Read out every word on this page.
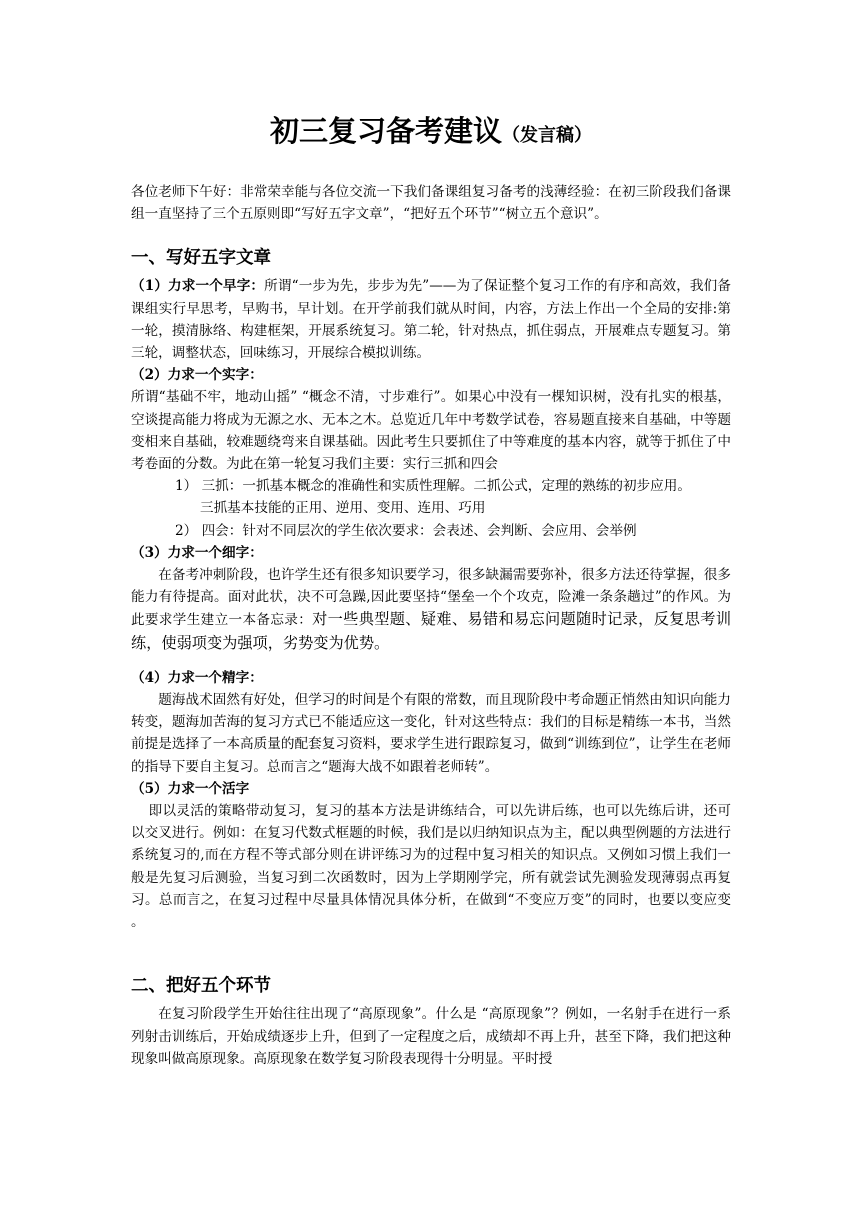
初三复习备考建议（发言稿）

各位老师下午好：非常荣幸能与各位交流一下我们备课组复习备考的浅薄经验：在初三阶段我们备课组一直坚持了三个五原则即“写好五字文章”，“把好五个环节”“树立五个意识”。

一、写好五字文章

（1）力求一个早字：所谓“一步为先，步步为先”——为了保证整个复习工作的有序和高效，我们备课组实行早思考，早购书，早计划。在开学前我们就从时间，内容，方法上作出一个全局的安排:第一轮，摸清脉络、构建框架，开展系统复习。第二轮，针对热点，抓住弱点，开展难点专题复习。第三轮，调整状态，回味练习，开展综合模拟训练。

（2）力求一个实字：

所谓“基础不牢，地动山摇” “概念不清，寸步难行”。如果心中没有一棵知识树，没有扎实的根基，空谈提高能力将成为无源之水、无本之木。总览近几年中考数学试卷，容易题直接来自基础，中等题变相来自基础，较难题绕弯来自课基础。因此考生只要抓住了中等难度的基本内容，就等于抓住了中考卷面的分数。为此在第一轮复习我们主要：实行三抓和四会

1） 三抓：一抓基本概念的准确性和实质性理解。二抓公式，定理的熟练的初步应用。

三抓基本技能的正用、逆用、变用、连用、巧用

2） 四会：针对不同层次的学生依次要求：会表述、会判断、会应用、会举例

（3）力求一个细字：

在备考冲刺阶段，也许学生还有很多知识要学习，很多缺漏需要弥补，很多方法还待掌握，很多能力有待提高。面对此状，决不可急躁,因此要坚持“堡垒一个个攻克，险滩一条条趟过”的作风。为此要求学生建立一本备忘录：对一些典型题、疑难、易错和易忘问题随时记录，反复思考训练，使弱项变为强项，劣势变为优势。

（4）力求一个精字：

题海战术固然有好处，但学习的时间是个有限的常数，而且现阶段中考命题正悄然由知识向能力转变，题海加苦海的复习方式已不能适应这一变化，针对这些特点：我们的目标是精练一本书，当然前提是选择了一本高质量的配套复习资料，要求学生进行跟踪复习，做到“训练到位”，让学生在老师的指导下要自主复习。总而言之“题海大战不如跟着老师转”。

（5）力求一个活字

即以灵活的策略带动复习，复习的基本方法是讲练结合，可以先讲后练，也可以先练后讲，还可以交叉进行。例如：在复习代数式框题的时候，我们是以归纳知识点为主，配以典型例题的方法进行系统复习的,而在方程不等式部分则在讲评练习为的过程中复习相关的知识点。又例如习惯上我们一般是先复习后测验，当复习到二次函数时，因为上学期刚学完，所有就尝试先测验发现薄弱点再复习。总而言之，在复习过程中尽量具体情况具体分析，在做到“不变应万变”的同时，也要以变应变 。

二、把好五个环节

在复习阶段学生开始往往出现了“高原现象”。什么是 “高原现象”？例如，一名射手在进行一系列射击训练后，开始成绩逐步上升，但到了一定程度之后，成绩却不再上升，甚至下降，我们把这种现象叫做高原现象。高原现象在数学复习阶段表现得十分明显。平时授
